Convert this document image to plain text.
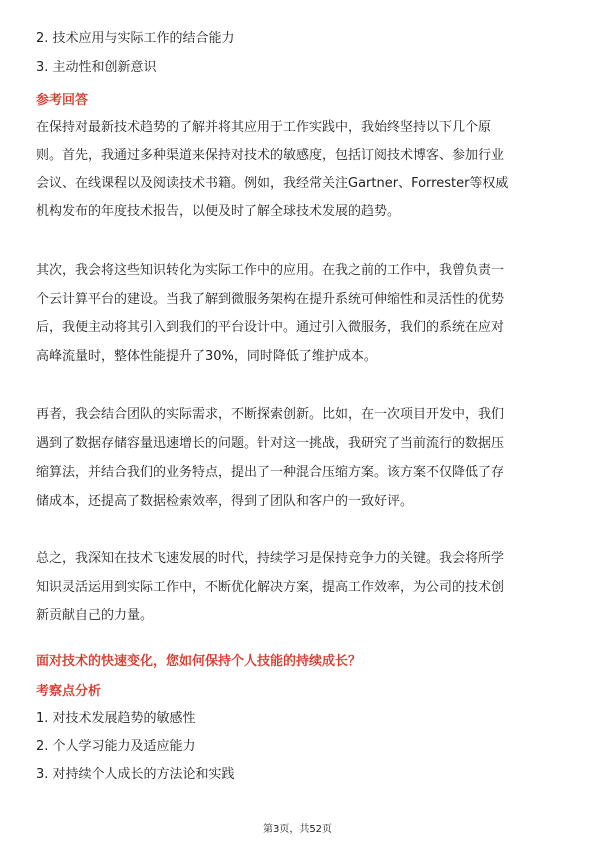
2. 技术应用与实际工作的结合能力
3. 主动性和创新意识
参考回答
在保持对最新技术趋势的了解并将其应用于工作实践中，我始终坚持以下几个原
则。首先，我通过多种渠道来保持对技术的敏感度，包括订阅技术博客、参加行业
会议、在线课程以及阅读技术书籍。例如，我经常关注Gartner、Forrester等权威
机构发布的年度技术报告，以便及时了解全球技术发展的趋势。
其次，我会将这些知识转化为实际工作中的应用。在我之前的工作中，我曾负责一
个云计算平台的建设。当我了解到微服务架构在提升系统可伸缩性和灵活性的优势
后，我便主动将其引入到我们的平台设计中。通过引入微服务，我们的系统在应对
高峰流量时，整体性能提升了30%，同时降低了维护成本。
再者，我会结合团队的实际需求，不断探索创新。比如，在一次项目开发中，我们
遇到了数据存储容量迅速增长的问题。针对这一挑战，我研究了当前流行的数据压
缩算法，并结合我们的业务特点，提出了一种混合压缩方案。该方案不仅降低了存
储成本，还提高了数据检索效率，得到了团队和客户的一致好评。
总之，我深知在技术飞速发展的时代，持续学习是保持竞争力的关键。我会将所学
知识灵活运用到实际工作中，不断优化解决方案，提高工作效率，为公司的技术创
新贡献自己的力量。
面对技术的快速变化，您如何保持个人技能的持续成长？
考察点分析
1. 对技术发展趋势的敏感性
2. 个人学习能力及适应能力
3. 对持续个人成长的方法论和实践
第3页，共52页
